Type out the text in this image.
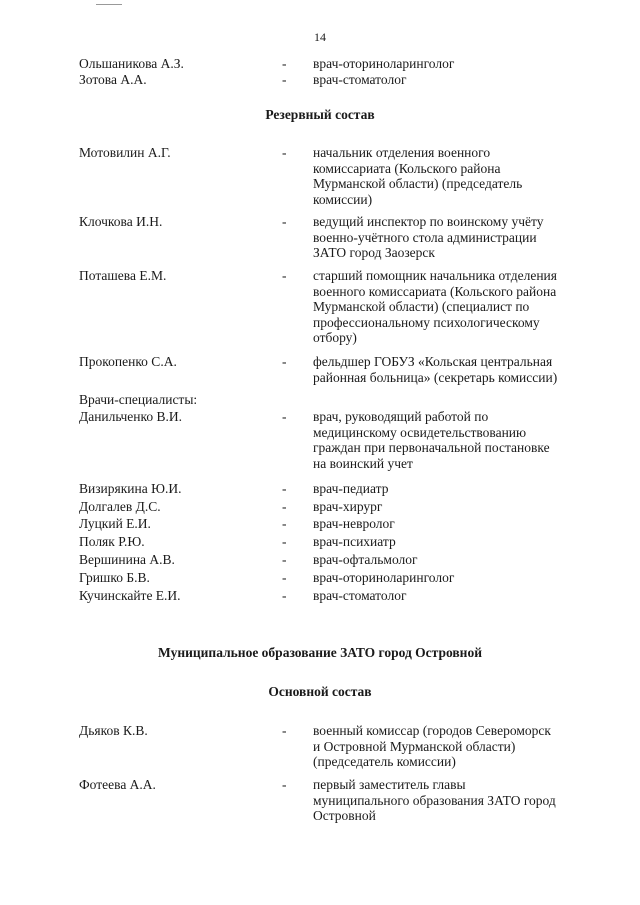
14
Ольшаникова А.З.	- врач-оториноларинголог
Зотова А.А.	- врач-стоматолог
Резервный состав
Мотовилин А.Г.	- начальник отделения военного
комиссариата (Кольского района
Мурманской области) (председатель
комиссии)
Клочкова И.Н.	- ведущий инспектор по воинскому учёту
военно-учётного стола администрации
ЗАТО город Заозерск
Поташева Е.М.	- старший помощник начальника отделения
военного комиссариата (Кольского района
Мурманской области) (специалист по
профессиональному психологическому
отбору)
Прокопенко С.А.	- фельдшер ГОБУЗ «Кольская центральная
районная больница» (секретарь комиссии)
Врачи-специалисты:
Данильченко В.И.	- врач, руководящий работой по
медицинскому освидетельствованию
граждан при первоначальной постановке
на воинский учет
Визирякина Ю.И.	- врач-педиатр
Долгалев Д.С.	- врач-хирург
Луцкий Е.И.	- врач-невролог
Поляк Р.Ю.	- врач-психиатр
Вершинина А.В.	- врач-офтальмолог
Гришко Б.В.	- врач-оториноларинголог
Кучинскайте Е.И.	- врач-стоматолог
Муниципальное образование ЗАТО город Островной
Основной состав
Дьяков К.В.	- военный комиссар (городов Североморск
и Островной Мурманской области)
(председатель комиссии)
Фотеева А.А.	- первый заместитель главы
муниципального образования ЗАТО город
Островной
